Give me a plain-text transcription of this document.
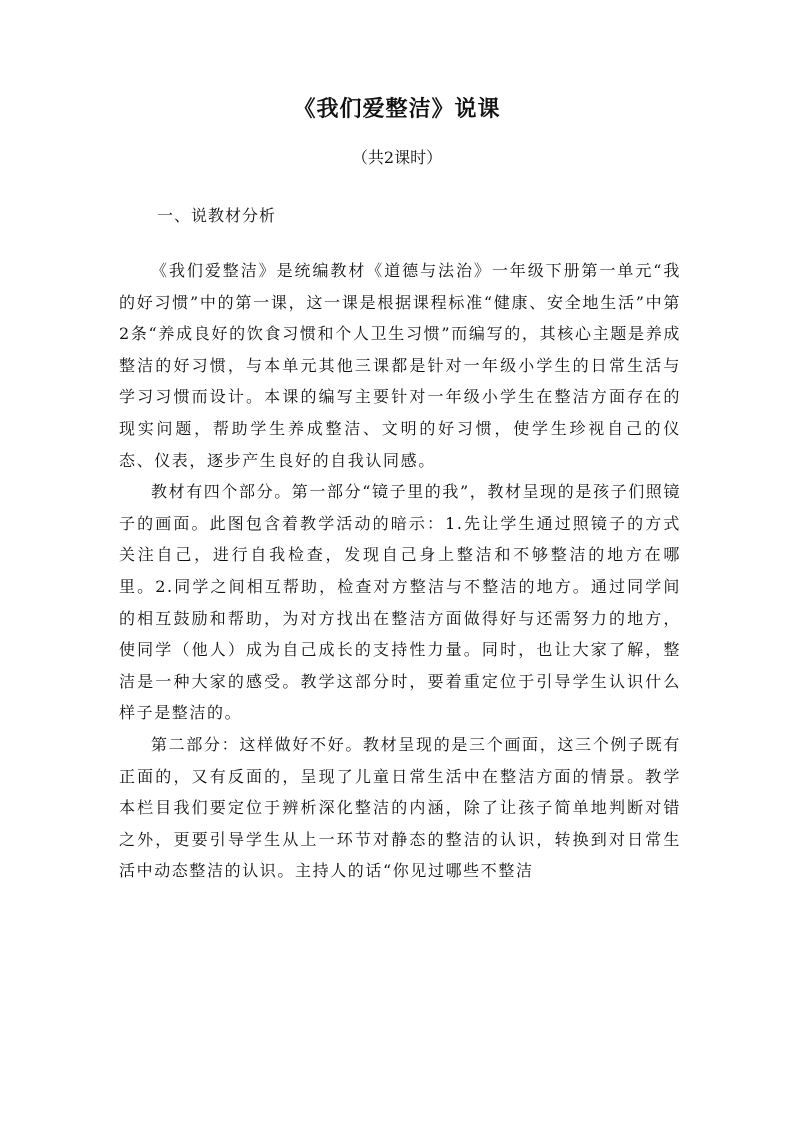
《我们爱整洁》说课
（共2课时）
一、说教材分析

《我们爱整洁》是统编教材《道德与法治》一年级下册第一单元“我的好习惯”中的第一课，这一课是根据课程标准“健康、安全地生活”中第2条“养成良好的饮食习惯和个人卫生习惯”而编写的，其核心主题是养成整洁的好习惯，与本单元其他三课都是针对一年级小学生的日常生活与学习习惯而设计。本课的编写主要针对一年级小学生在整洁方面存在的现实问题，帮助学生养成整洁、文明的好习惯，使学生珍视自己的仪态、仪表，逐步产生良好的自我认同感。

教材有四个部分。第一部分“镜子里的我”，教材呈现的是孩子们照镜子的画面。此图包含着教学活动的暗示：1.先让学生通过照镜子的方式关注自己，进行自我检查，发现自己身上整洁和不够整洁的地方在哪里。2.同学之间相互帮助，检查对方整洁与不整洁的地方。通过同学间的相互鼓励和帮助，为对方找出在整洁方面做得好与还需努力的地方，使同学（他人）成为自己成长的支持性力量。同时，也让大家了解，整洁是一种大家的感受。教学这部分时，要着重定位于引导学生认识什么样子是整洁的。

第二部分：这样做好不好。教材呈现的是三个画面，这三个例子既有正面的，又有反面的，呈现了儿童日常生活中在整洁方面的情景。教学本栏目我们要定位于辨析深化整洁的内涵，除了让孩子简单地判断对错之外，更要引导学生从上一环节对静态的整洁的认识，转换到对日常生活中动态整洁的认识。主持人的话“你见过哪些不整洁
